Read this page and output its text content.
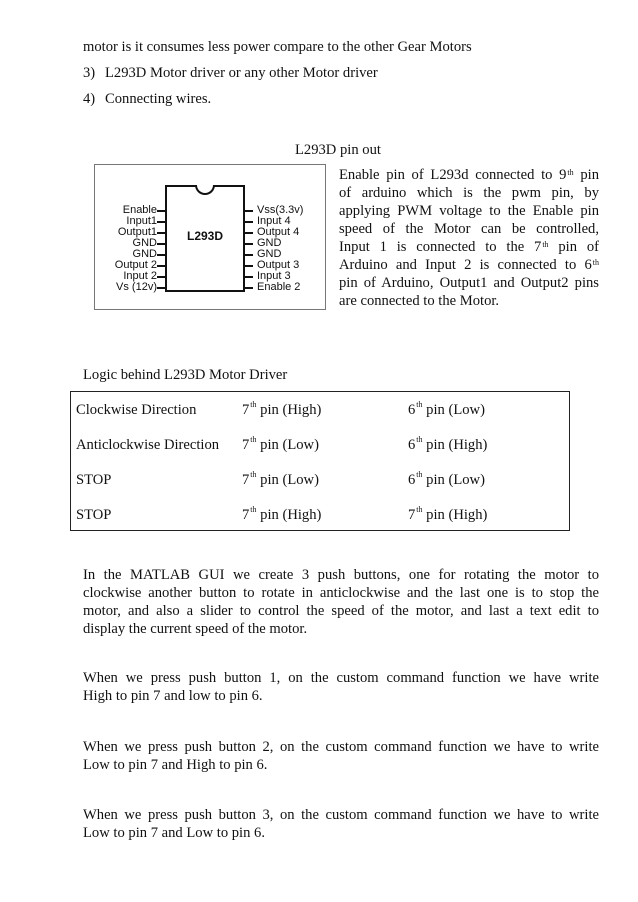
motor is it consumes less power compare to the other Gear Motors
3) L293D Motor driver or any other Motor driver
4) Connecting wires.
L293D pin out
L293D
Enable
Input1
Output1
GND
GND
Output 2
Input 2
Vs (12v)
Vss(3.3v)
Input 4
Output 4
GND
GND
Output 3
Input 3
Enable 2
Enable pin of L293d connected to 9th pin
of arduino which is the pwm pin, by
applying PWM voltage to the Enable pin
speed of the Motor can be controlled,
Input 1 is connected to the 7th pin of
Arduino and Input 2 is connected to 6th
pin of Arduino, Output1 and Output2 pins
are connected to the Motor.
Logic behind L293D Motor Driver
Clockwise Direction	7th pin (High)	6th pin (Low)
Anticlockwise Direction 7th pin (Low)	6th pin (High)
STOP	7th pin (Low)	6th pin (Low)
STOP	7th pin (High)	7th pin (High)
In the MATLAB GUI we create 3 push buttons, one for rotating the motor to
clockwise another button to rotate in anticlockwise and the last one is to stop the
motor, and also a slider to control the speed of the motor, and last a text edit to
display the current speed of the motor.
When we press push button 1, on the custom command function we have write
High to pin 7 and low to pin 6.
When we press push button 2, on the custom command function we have to write
Low to pin 7 and High to pin 6.
When we press push button 3, on the custom command function we have to write
Low to pin 7 and Low to pin 6.
